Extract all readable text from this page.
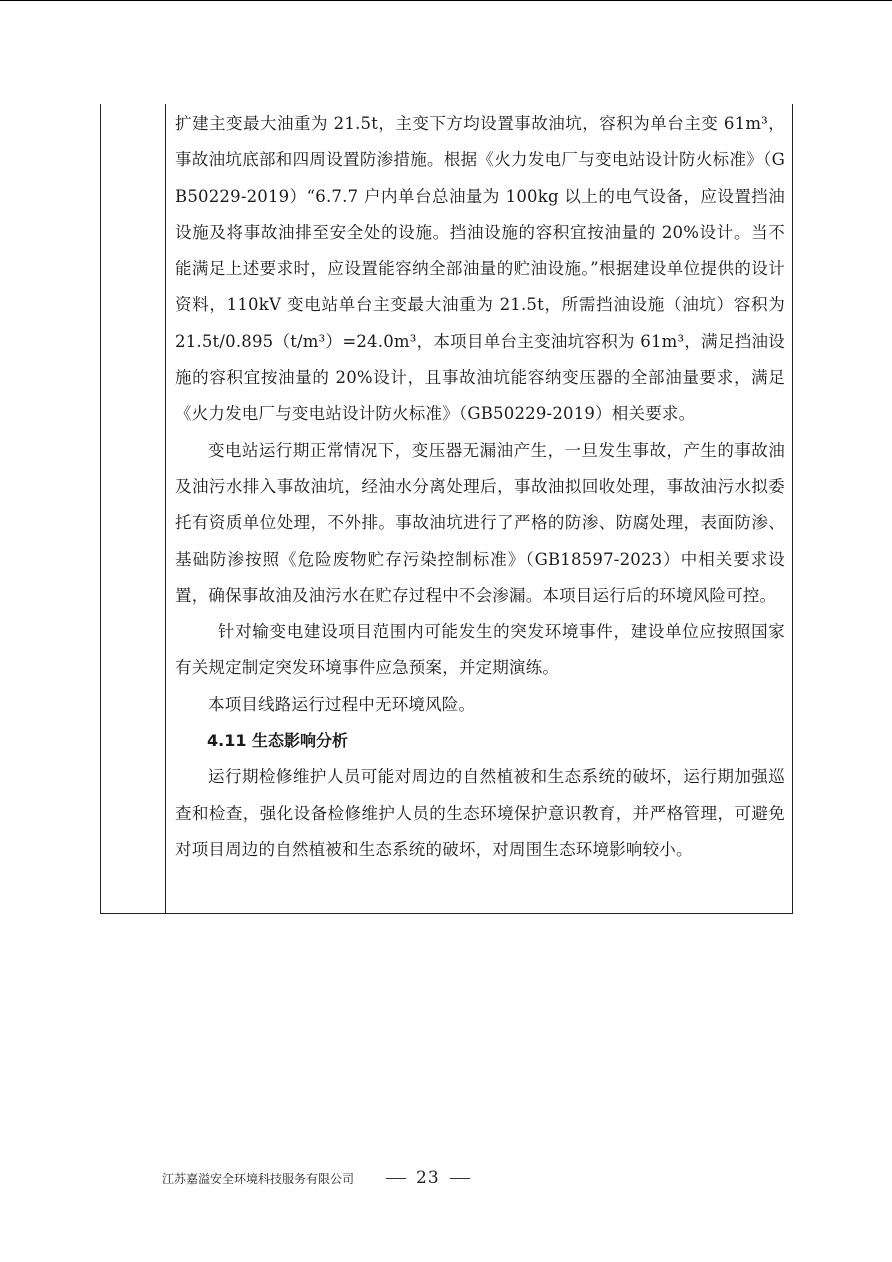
扩建主变最大油重为 21.5t，主变下方均设置事故油坑，容积为单台主变 61m³，事故油坑底部和四周设置防渗措施。根据《火力发电厂与变电站设计防火标准》（GB50229-2019）“6.7.7 户内单台总油量为 100kg 以上的电气设备，应设置挡油设施及将事故油排至安全处的设施。挡油设施的容积宜按油量的 20%设计。当不能满足上述要求时，应设置能容纳全部油量的贮油设施。”根据建设单位提供的设计资料，110kV 变电站单台主变最大油重为 21.5t，所需挡油设施（油坑）容积为 21.5t/0.895（t/m³）=24.0m³，本项目单台主变油坑容积为 61m³，满足挡油设施的容积宜按油量的 20%设计，且事故油坑能容纳变压器的全部油量要求，满足《火力发电厂与变电站设计防火标准》（GB50229-2019）相关要求。

变电站运行期正常情况下，变压器无漏油产生，一旦发生事故，产生的事故油及油污水排入事故油坑，经油水分离处理后，事故油拟回收处理，事故油污水拟委托有资质单位处理，不外排。事故油坑进行了严格的防渗、防腐处理，表面防渗、基础防渗按照《危险废物贮存污染控制标准》（GB18597-2023）中相关要求设置，确保事故油及油污水在贮存过程中不会渗漏。本项目运行后的环境风险可控。

针对输变电建设项目范围内可能发生的突发环境事件，建设单位应按照国家有关规定制定突发环境事件应急预案，并定期演练。

本项目线路运行过程中无环境风险。

4.11 生态影响分析

运行期检修维护人员可能对周边的自然植被和生态系统的破坏，运行期加强巡查和检查，强化设备检修维护人员的生态环境保护意识教育，并严格管理，可避免对项目周边的自然植被和生态系统的破坏，对周围生态环境影响较小。

江苏嘉溢安全环境科技服务有限公司	23
